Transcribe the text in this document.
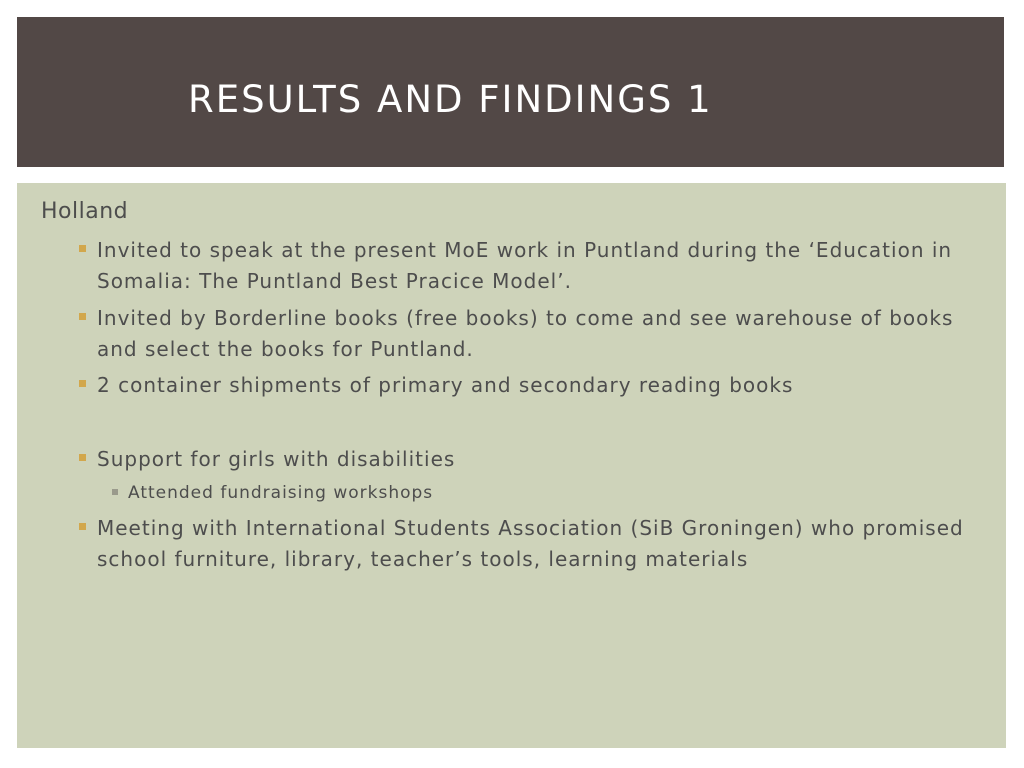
RESULTS AND FINDINGS 1
Holland
Invited to speak at the present MoE work in Puntland during the ‘Education in Somalia: The Puntland Best Pracice Model’.
Invited by Borderline books (free books) to come and see warehouse of books and select the books for Puntland.
2 container shipments of primary and secondary reading books
Support for girls with disabilities
Attended fundraising workshops
Meeting with International Students Association (SiB Groningen) who promised school furniture, library, teacher’s tools, learning materials
